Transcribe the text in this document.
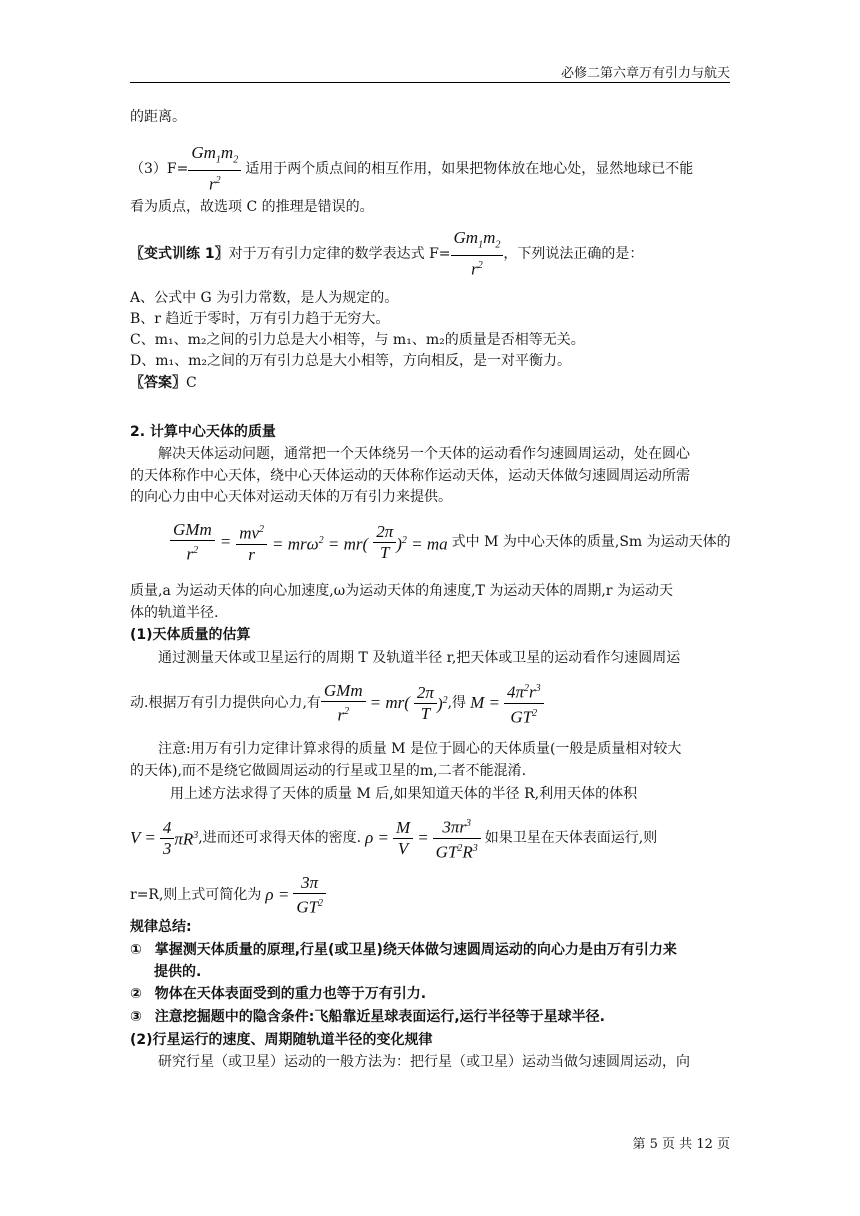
必修二第六章万有引力与航天
的距离。
$(3)F= \frac{Gm_1m_2}{r^2}$ 适用于两个质点间的相互作用，如果把物体放在地心处，显然地球已不能
看为质点，故选项 C 的推理是错误的。
〖变式训练 1〗 对于万有引力定律的数学表达式 $F= \frac{Gm_1m_2}{r^2}$ ，下列说法正确的是：
A、公式中 G 为引力常数，是人为规定的。
B、r 趋近于零时，万有引力趋于无穷大。
C、m₁、m₂之间的引力总是大小相等，与 m₁、m₂的质量是否相等无关。
D、m₁、m₂之间的万有引力总是大小相等，方向相反，是一对平衡力。
〖答案〗C
2. 计算中心天体的质量
解决天体运动问题，通常把一个天体绕另一个天体的运动看作匀速圆周运动，处在圆心
的天体称作中心天体，绕中心天体运动的天体称作运动天体，运动天体做匀速圆周运动所需
的向心力由中心天体对运动天体的万有引力来提供。
$\frac{\text{GMm}}{r^2} = \frac{mv^2}{r} = mr\omega^2 = mr( \frac{2\pi}{T} )^2$ = ma 式中 M 为中心天体的质量,Sm 为运动天体的
质量,a 为运动天体的向心加速度,ω为运动天体的角速度,T 为运动天体的周期,r 为运动天
体的轨道半径.
(1)天体质量的估算
通过测量天体或卫星运行的周期 T 及轨道半径 r,把天体或卫星的运动看作匀速圆周运
动.根据万有引力提供向心力,有 $\frac{\text{GMm}}{r^2} = mr( \frac{2\pi}{T} )^2$ ,得 $M = \frac{4\pi^2r^3}{GT^2}$
注意:用万有引力定律计算求得的质量 M 是位于圆心的天体质量(一般是质量相对较大
的天体),而不是绕它做圆周运动的行星或卫星的m,二者不能混淆.
用上述方法求得了天体的质量 M 后,如果知道天体的半径 R,利用天体的体积
$V = \frac{4}{3} \pi R^3$ ,进而还可求得天体的密度. $\rho = \frac{M}{V} = \frac{3\pi r^3}{GT^2R^3}$ 如果卫星在天体表面运行,则
r=R,则上式可简化为 $\rho = \frac{3\pi}{GT^2}$
规律总结:
① 掌握测天体质量的原理,行星(或卫星)绕天体做匀速圆周运动的向心力是由万有引力来
提供的.
② 物体在天体表面受到的重力也等于万有引力.
③ 注意挖掘题中的隐含条件:飞船靠近星球表面运行,运行半径等于星球半径.
(2)行星运行的速度、周期随轨道半径的变化规律
研究行星（或卫星）运动的一般方法为：把行星（或卫星）运动当做匀速圆周运动，向
第 5 页 共 12 页
